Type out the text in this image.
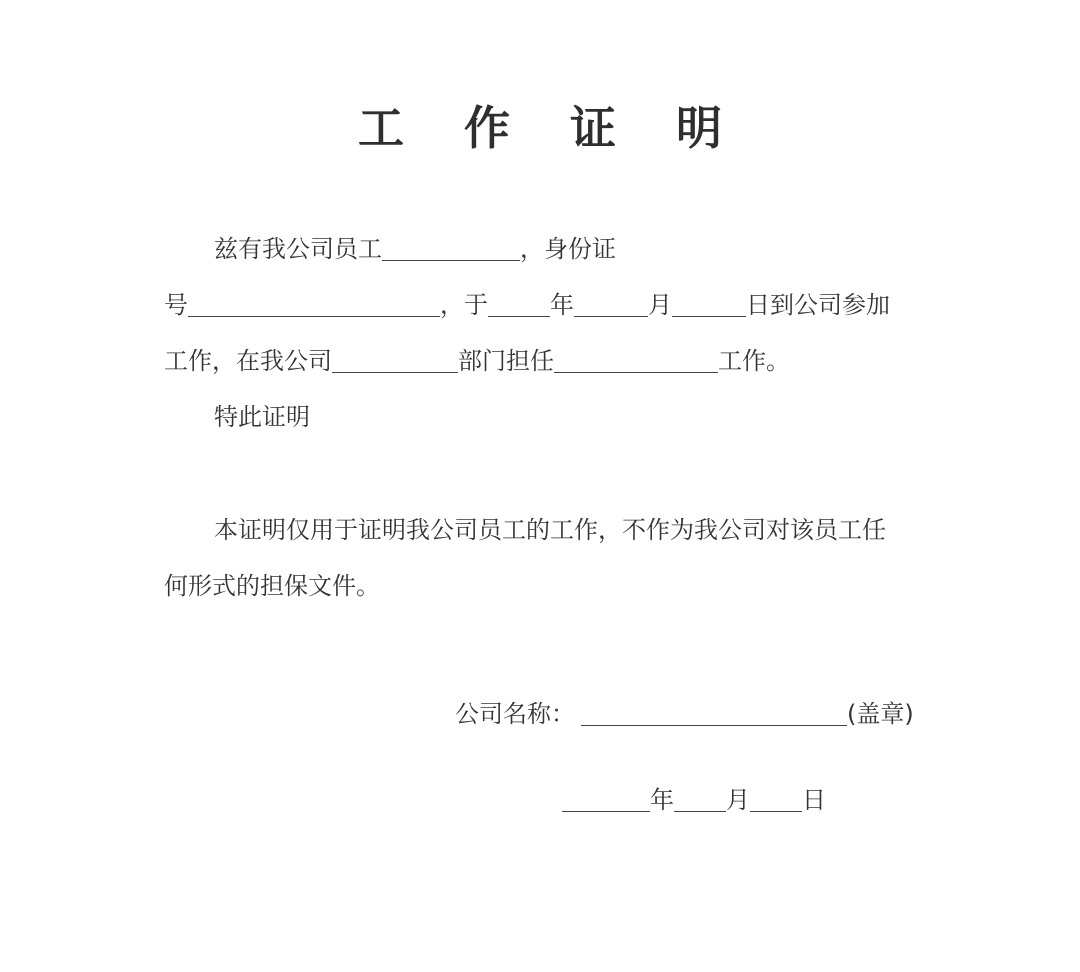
工 作 证 明
兹有我公司员工	，身份证
号	，于	年	月	日到公司参加
工作，在我公司	部门担任	工作。
特此证明
本证明仅用于证明我公司员工的工作，不作为我公司对该员工任
何形式的担保文件。
公司名称：	(盖章)
年 月 日
